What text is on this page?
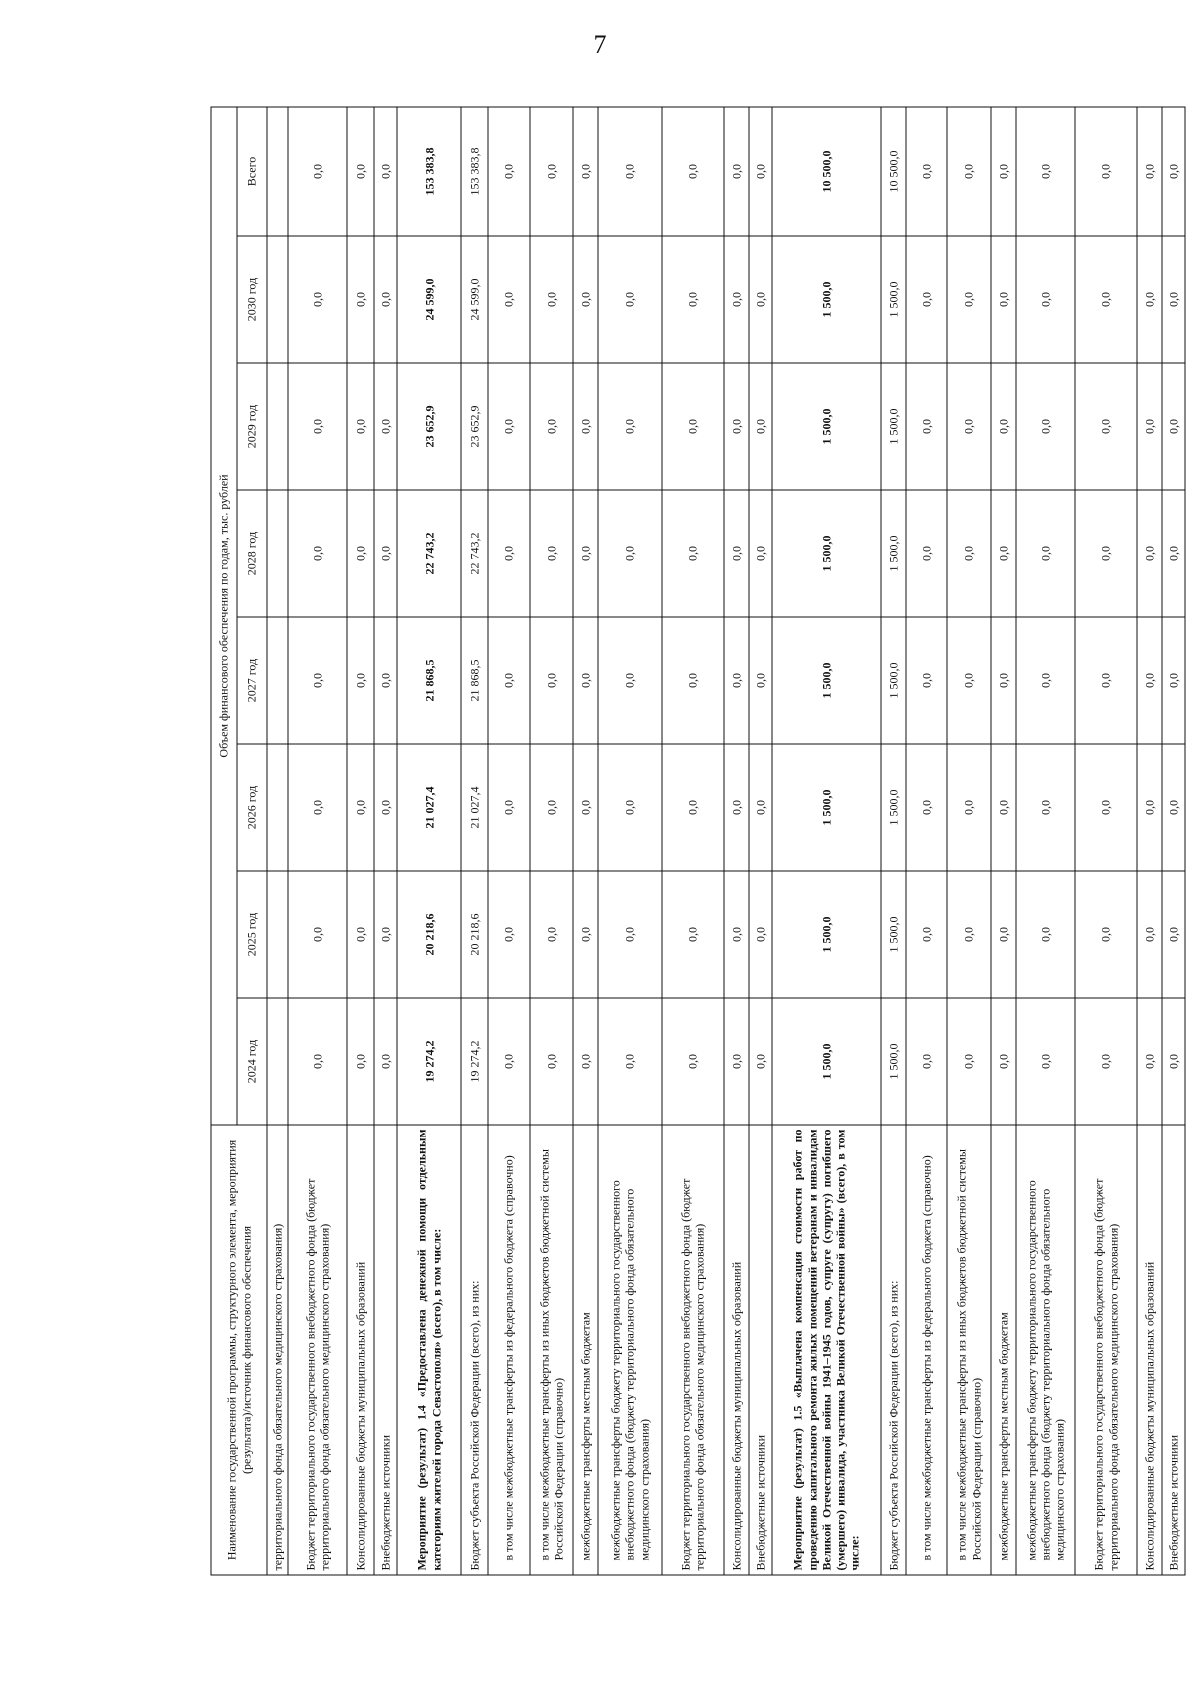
7
Наименование государственной программы, структурного элемента, мероприятия (результата)/источник финансового обеспечения	Объем финансового обеспечения по годам, тыс. рублей							
	2024 год	2025 год	2026 год	2027 год	2028 год	2029 год	2030 год	Всего
территориального фонда обязательного медицинского страхования)								
Бюджет территориального государственного внебюджетного фонда (бюджет территориального фонда обязательного медицинского страхования)	0,0	0,0	0,0	0,0	0,0	0,0	0,0	0,0
Консолидированные бюджеты муниципальных образований	0,0	0,0	0,0	0,0	0,0	0,0	0,0	0,0
Внебюджетные источники	0,0	0,0	0,0	0,0	0,0	0,0	0,0	0,0
Мероприятие (результат) 1.4 «Предоставлена денежной помощи отдельным категориям жителей города Севастополя» (всего), в том числе:	19 274,2	20 218,6	21 027,4	21 868,5	22 743,2	23 652,9	24 599,0	153 383,8
Бюджет субъекта Российской Федерации (всего), из них:	19 274,2	20 218,6	21 027,4	21 868,5	22 743,2	23 652,9	24 599,0	153 383,8
в том числе межбюджетные трансферты из федерального бюджета (справочно)	0,0	0,0	0,0	0,0	0,0	0,0	0,0	0,0
в том числе межбюджетные трансферты из иных бюджетов бюджетной системы Российской Федерации (справочно)	0,0	0,0	0,0	0,0	0,0	0,0	0,0	0,0
межбюджетные трансферты местным бюджетам	0,0	0,0	0,0	0,0	0,0	0,0	0,0	0,0
межбюджетные трансферты бюджету территориального государственного внебюджетного фонда (бюджету территориального фонда обязательного медицинского страхования)	0,0	0,0	0,0	0,0	0,0	0,0	0,0	0,0
Бюджет территориального государственного внебюджетного фонда (бюджет территориального фонда обязательного медицинского страхования)	0,0	0,0	0,0	0,0	0,0	0,0	0,0	0,0
Консолидированные бюджеты муниципальных образований	0,0	0,0	0,0	0,0	0,0	0,0	0,0	0,0
Внебюджетные источники	0,0	0,0	0,0	0,0	0,0	0,0	0,0	0,0
Мероприятие (результат) 1.5 «Выплачена компенсация стоимости работ по проведению капитального ремонта жилых помещений ветеранам и инвалидам Великой Отечественной войны 1941–1945 годов, супруге (супругу) погибшего (умершего) инвалида, участника Великой Отечественной войны» (всего), в том числе:	1 500,0	1 500,0	1 500,0	1 500,0	1 500,0	1 500,0	1 500,0	10 500,0
Бюджет субъекта Российской Федерации (всего), из них:	1 500,0	1 500,0	1 500,0	1 500,0	1 500,0	1 500,0	1 500,0	10 500,0
в том числе межбюджетные трансферты из федерального бюджета (справочно)	0,0	0,0	0,0	0,0	0,0	0,0	0,0	0,0
в том числе межбюджетные трансферты из иных бюджетов бюджетной системы Российской Федерации (справочно)	0,0	0,0	0,0	0,0	0,0	0,0	0,0	0,0
межбюджетные трансферты местным бюджетам	0,0	0,0	0,0	0,0	0,0	0,0	0,0	0,0
межбюджетные трансферты бюджету территориального государственного внебюджетного фонда (бюджету территориального фонда обязательного медицинского страхования)	0,0	0,0	0,0	0,0	0,0	0,0	0,0	0,0
Бюджет территориального государственного внебюджетного фонда (бюджет территориального фонда обязательного медицинского страхования)	0,0	0,0	0,0	0,0	0,0	0,0	0,0	0,0
Консолидированные бюджеты муниципальных образований	0,0	0,0	0,0	0,0	0,0	0,0	0,0	0,0
Внебюджетные источники	0,0	0,0	0,0	0,0	0,0	0,0	0,0	0,0
